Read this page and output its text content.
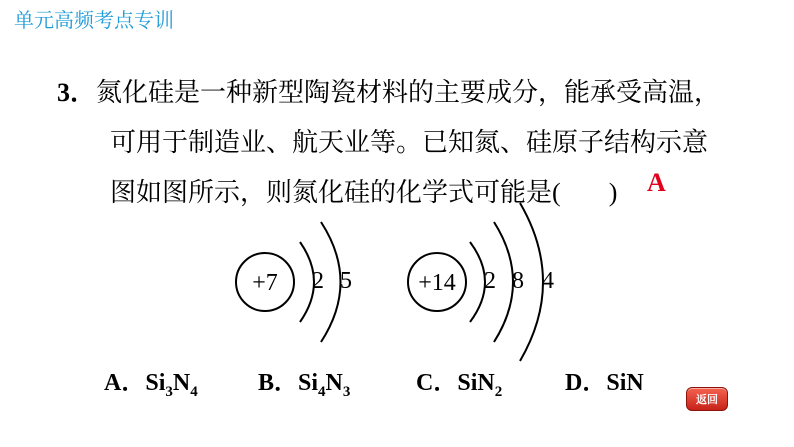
单元高频考点专训
3．氮化硅是一种新型陶瓷材料的主要成分，能承受高温，
可用于制造业、航天业等。已知氮、硅原子结构示意
图如图所示，则氮化硅的化学式可能是( ) A
+7 2 5	+14 2 8 4
A．$Si_3N_4$	B．$Si_4N_3$	C．SiN$_2$	D．SiN
返回
